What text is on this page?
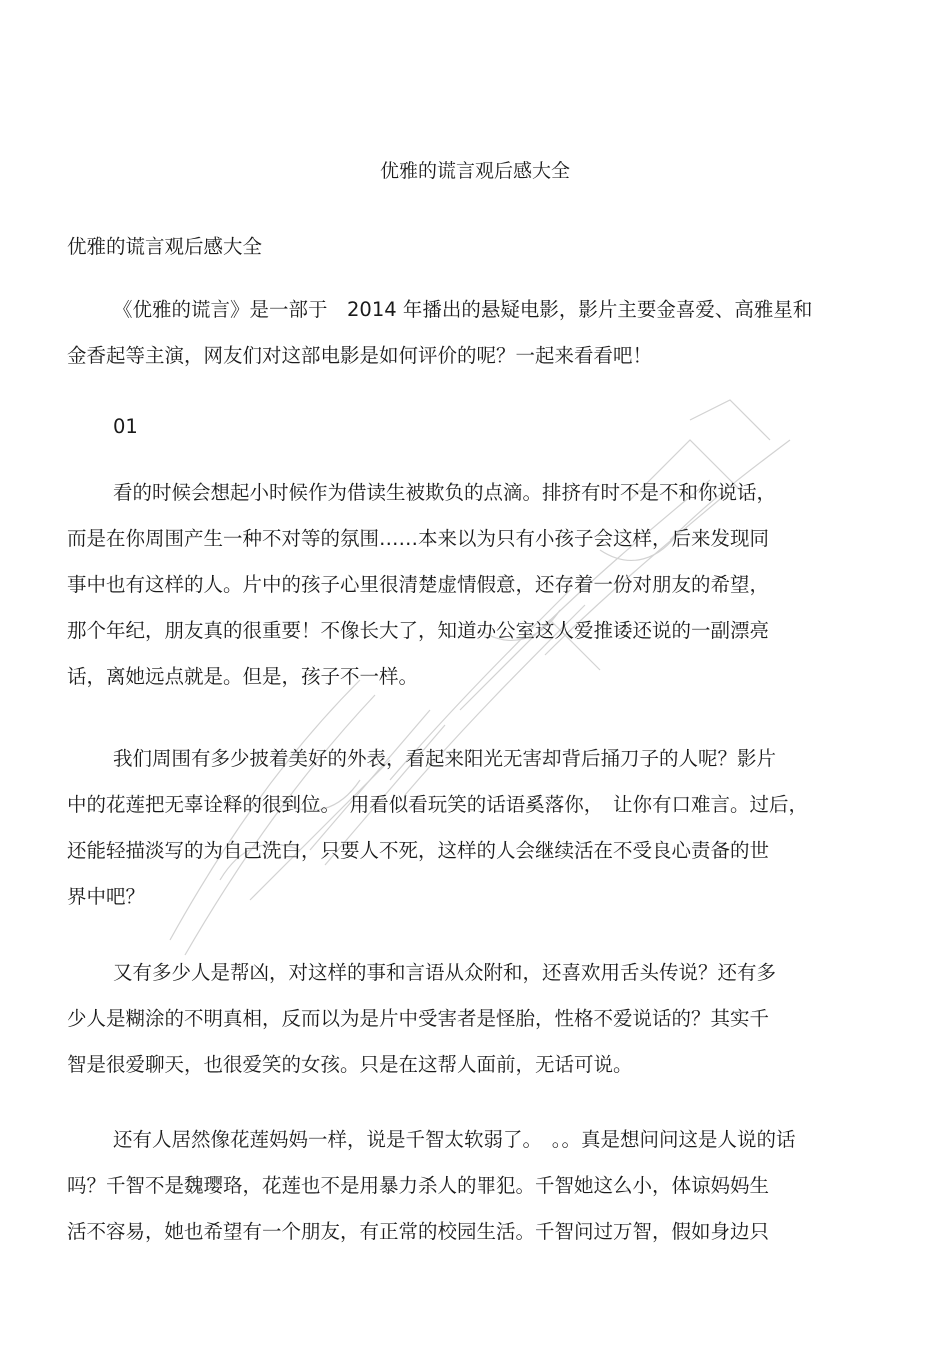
优雅的谎言观后感大全
优雅的谎言观后感大全
《优雅的谎言》是一部于　2014 年播出的悬疑电影，影片主要金喜爱、高雅星和
金香起等主演，网友们对这部电影是如何评价的呢？一起来看看吧！
01
看的时候会想起小时候作为借读生被欺负的点滴。排挤有时不是不和你说话，
而是在你周围产生一种不对等的氛围……本来以为只有小孩子会这样，后来发现同
事中也有这样的人。片中的孩子心里很清楚虚情假意，还存着一份对朋友的希望，
那个年纪，朋友真的很重要！不像长大了，知道办公室这人爱推诿还说的一副漂亮
话，离她远点就是。但是，孩子不一样。
我们周围有多少披着美好的外表，看起来阳光无害却背后捅刀子的人呢？影片
中的花莲把无辜诠释的很到位。　用看似看玩笑的话语奚落你，　让你有口难言。过后，
还能轻描淡写的为自己洗白，只要人不死，这样的人会继续活在不受良心责备的世
界中吧？
又有多少人是帮凶，对这样的事和言语从众附和，还喜欢用舌头传说？还有多
少人是糊涂的不明真相，反而以为是片中受害者是怪胎，性格不爱说话的？其实千
智是很爱聊天，也很爱笑的女孩。只是在这帮人面前，无话可说。
还有人居然像花莲妈妈一样，说是千智太软弱了。　。。真是想问问这是人说的话
吗？千智不是魏璎珞，花莲也不是用暴力杀人的罪犯。千智她这么小，体谅妈妈生
活不容易，她也希望有一个朋友，有正常的校园生活。千智问过万智，假如身边只
